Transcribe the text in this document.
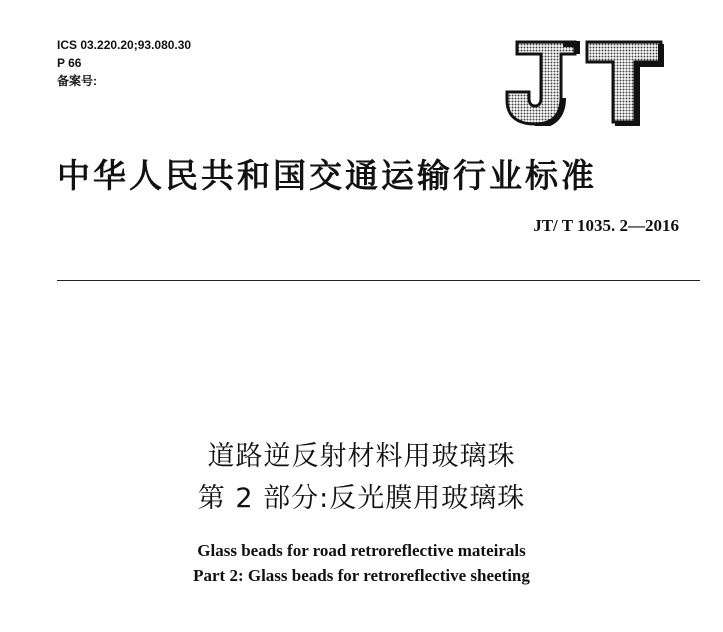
ICS 03.220.20;93.080.30
P 66
备案号:
中华人民共和国交通运输行业标准
JT/ T 1035. 2—2016
道路逆反射材料用玻璃珠
第 2 部分:反光膜用玻璃珠
Glass beads for road retroreflective mateirals
Part 2: Glass beads for retroreflective sheeting
